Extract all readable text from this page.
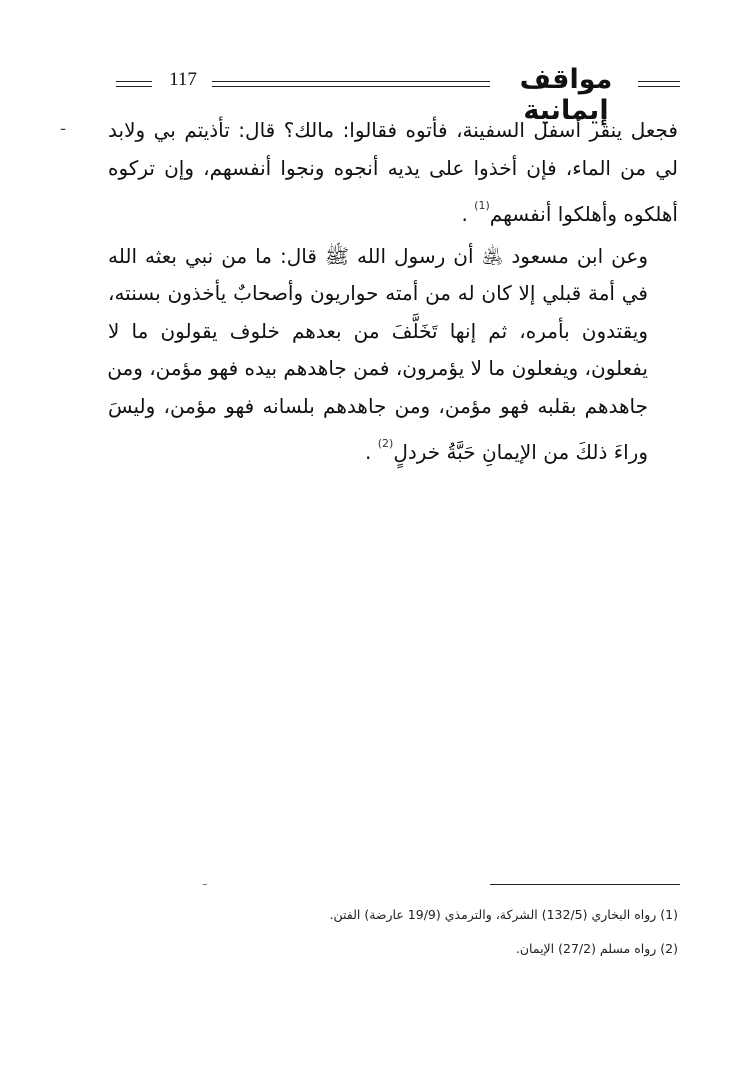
117	مواقف إيمانية
ـ فجعل ينقر أسفل السفينة، فأتوه فقالوا: مالك؟ قال: تأذيتم بي ولابد
لي من الماء، فإن أخذوا على يديه أنجوه ونجوا أنفسهم، وإن تركوه
أهلكوه وأهلكوا أنفسهم$^{(1)}$ .

وعن ابن مسعود ﵁ أن رسول الله ﷺ قال: ما من نبي بعثه الله
في أمة قبلي إلا كان له من أمته حواريون وأصحابٌ يأخذون بسنته،
ويقتدون بأمره، ثم إنها تَخَلَّفَ من بعدهم خلوف يقولون ما لا
يفعلون، ويفعلون ما لا يؤمرون، فمن جاهدهم بيده فهو مؤمن، ومن
جاهدهم بقلبه فهو مؤمن، ومن جاهدهم بلسانه فهو مؤمن، وليسَ
وراءَ ذلكَ من الإيمانِ حَبَّةُ خردلٍ$^{(2)}$ .

(1) رواه البخاري (132/5) الشركة، والترمذي (19/9 عارضة) الفتن.
(2) رواه مسلم (27/2) الإيمان.
